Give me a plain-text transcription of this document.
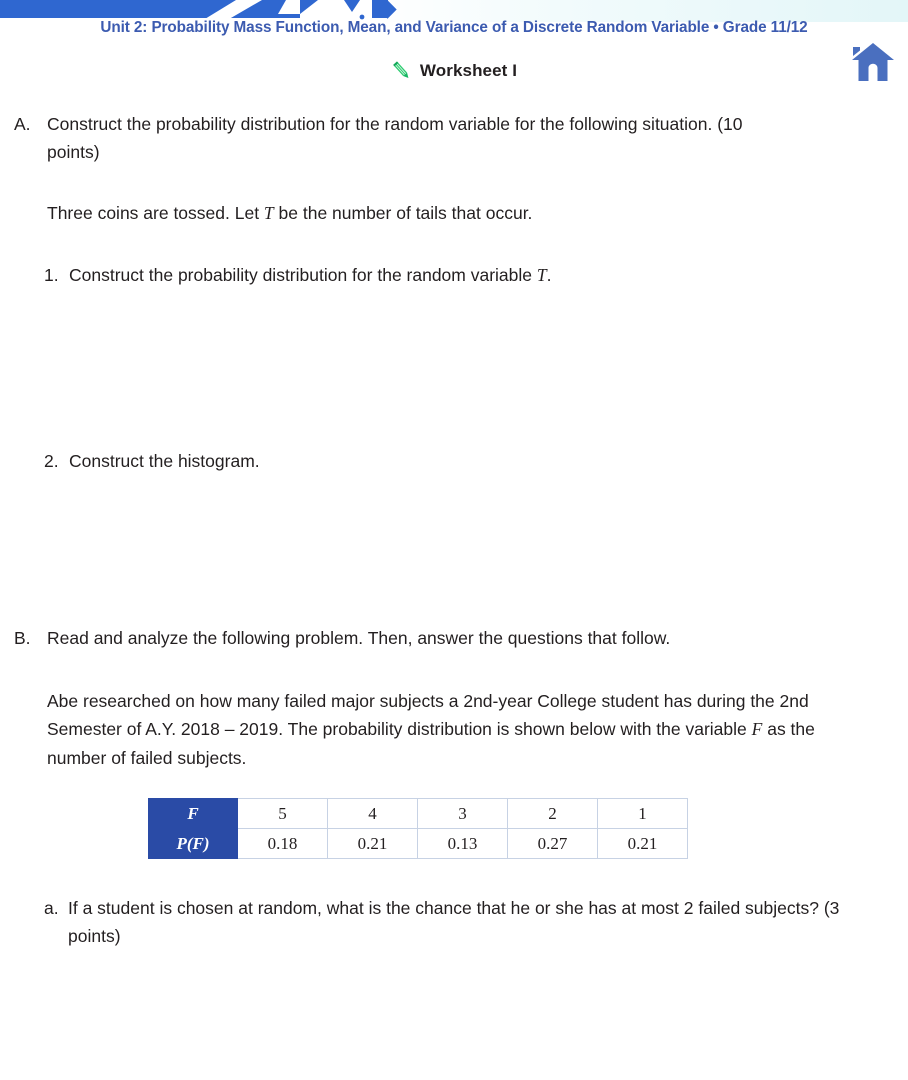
Unit 2: Probability Mass Function, Mean, and Variance of a Discrete Random Variable • Grade 11/12
Worksheet I
A. Construct the probability distribution for the random variable for the following situation. (10 points)
Three coins are tossed. Let T be the number of tails that occur.
1. Construct the probability distribution for the random variable T.
2. Construct the histogram.
B. Read and analyze the following problem. Then, answer the questions that follow.
Abe researched on how many failed major subjects a 2nd-year College student has during the 2nd Semester of A.Y. 2018 – 2019. The probability distribution is shown below with the variable F as the number of failed subjects.
F	5	4	3	2	1
P(F)	0.18	0.21	0.13	0.27	0.21
a. If a student is chosen at random, what is the chance that he or she has at most 2 failed subjects? (3 points)
